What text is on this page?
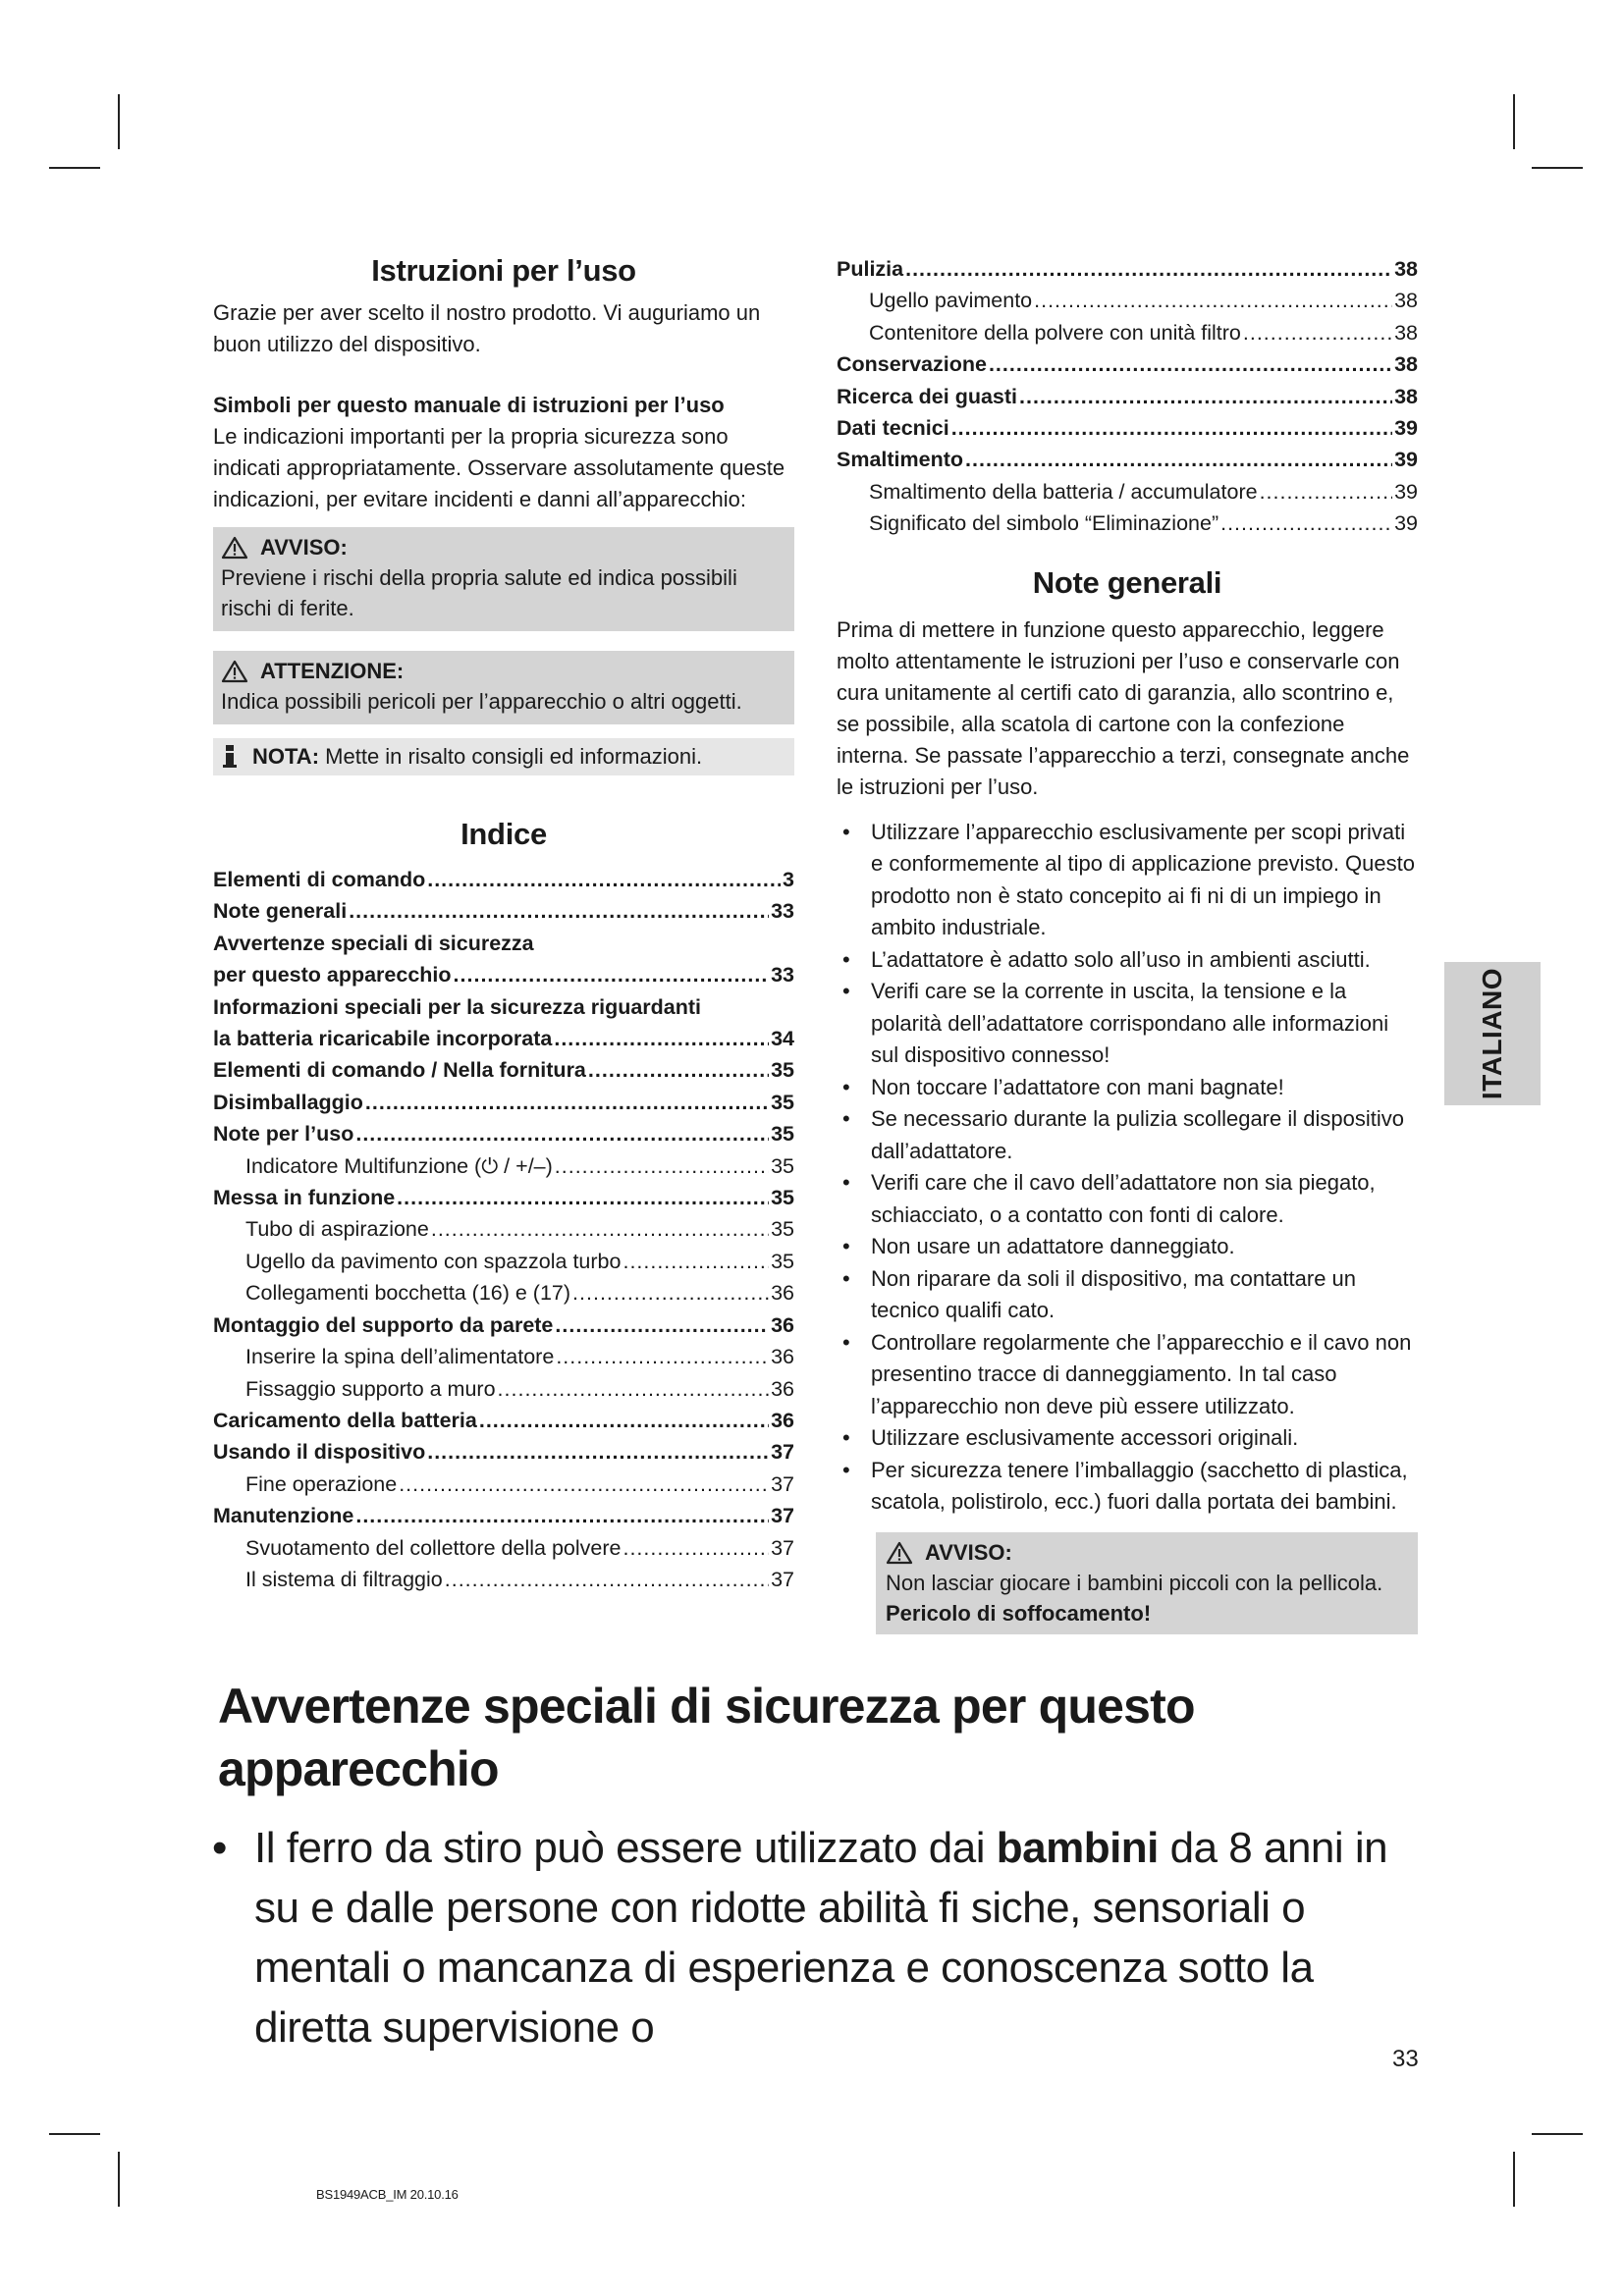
Istruzioni per l’uso

Grazie per aver scelto il nostro prodotto. Vi auguriamo un buon utilizzo del dispositivo.

Simboli per questo manuale di istruzioni per l’uso

Le indicazioni importanti per la propria sicurezza sono indicati appropriatamente. Osservare assolutamente queste indicazioni, per evitare incidenti e danni all’apparecchio:

AVVISO:
Previene i rischi della propria salute ed indica possibili rischi di ferite.
ATTENZIONE:
Indica possibili pericoli per l’apparecchio o altri oggetti.
NOTA:
Mette in risalto consigli ed informazioni.
Indice
Elementi di comando .....	3
Note generali .....	33
Avvertenze speciali di sicurezza
per questo apparecchio .....	33
Informazioni speciali per la sicurezza riguardanti
la batteria ricaricabile incorporata .....	34
Elementi di comando / Nella fornitura .....	35
Disimballaggio .....	35
Note per l’uso .....	35
Indicatore Multifunzione (⏻ / +/–) .....	35
Messa in funzione .....	35
Tubo di aspirazione .....	35
Ugello da pavimento con spazzola turbo .....	35
Collegamenti bocchetta (16) e (17) .....	36
Montaggio del supporto da parete .....	36
Inserire la spina dell’alimentatore .....	36
Fissaggio supporto a muro .....	36
Caricamento della batteria .....	36
Usando il dispositivo .....	37
Fine operazione .....	37
Manutenzione .....	37
Svuotamento del collettore della polvere .....	37
Il sistema di filtraggio .....	37
Pulizia .....	38
Ugello pavimento .....	38
Contenitore della polvere con unità filtro .....	38
Conservazione .....	38
Ricerca dei guasti .....	38
Dati tecnici .....	39
Smaltimento .....	39
Smaltimento della batteria / accumulatore .....	39
Significato del simbolo “Eliminazione” .....	39
Note generali

Prima di mettere in funzione questo apparecchio, leggere molto attentamente le istruzioni per l’uso e conservarle con cura unitamente al certifi cato di garanzia, allo scontrino e, se possibile, alla scatola di cartone con la confezione interna. Se passate l’apparecchio a terzi, consegnate anche le istruzioni per l’uso.

• Utilizzare l’apparecchio esclusivamente per scopi privati e conformemente al tipo di applicazione previsto. Questo prodotto non è stato concepito ai fi ni di un impiego in ambito industriale.
• L’adattatore è adatto solo all’uso in ambienti asciutti.
• Verifi care se la corrente in uscita, la tensione e la polarità dell’adattatore corrispondano alle informazioni sul dispositivo connesso!
• Non toccare l’adattatore con mani bagnate!
• Se necessario durante la pulizia scollegare il dispositivo dall’adattatore.
• Verifi care che il cavo dell’adattatore non sia piegato, schiacciato, o a contatto con fonti di calore.
• Non usare un adattatore danneggiato.
• Non riparare da soli il dispositivo, ma contattare un tecnico qualifi cato.
• Controllare regolarmente che l’apparecchio e il cavo non presentino tracce di danneggiamento. In tal caso l’apparecchio non deve più essere utilizzato.
• Utilizzare esclusivamente accessori originali.
• Per sicurezza tenere l’imballaggio (sacchetto di plastica, scatola, polistirolo, ecc.) fuori dalla portata dei bambini.
AVVISO:
Non lasciar giocare i bambini piccoli con la pellicola.
Pericolo di soffocamento!
ITALIANO
Avvertenze speciali di sicurezza per questo apparecchio

• Il ferro da stiro può essere utilizzato dai bambini da 8 anni in su e dalle persone con ridotte abilità fi siche, sensoriali o mentali o mancanza di esperienza e conoscenza sotto la diretta supervisione o

33
BS1949ACB_IM 20.10.16
